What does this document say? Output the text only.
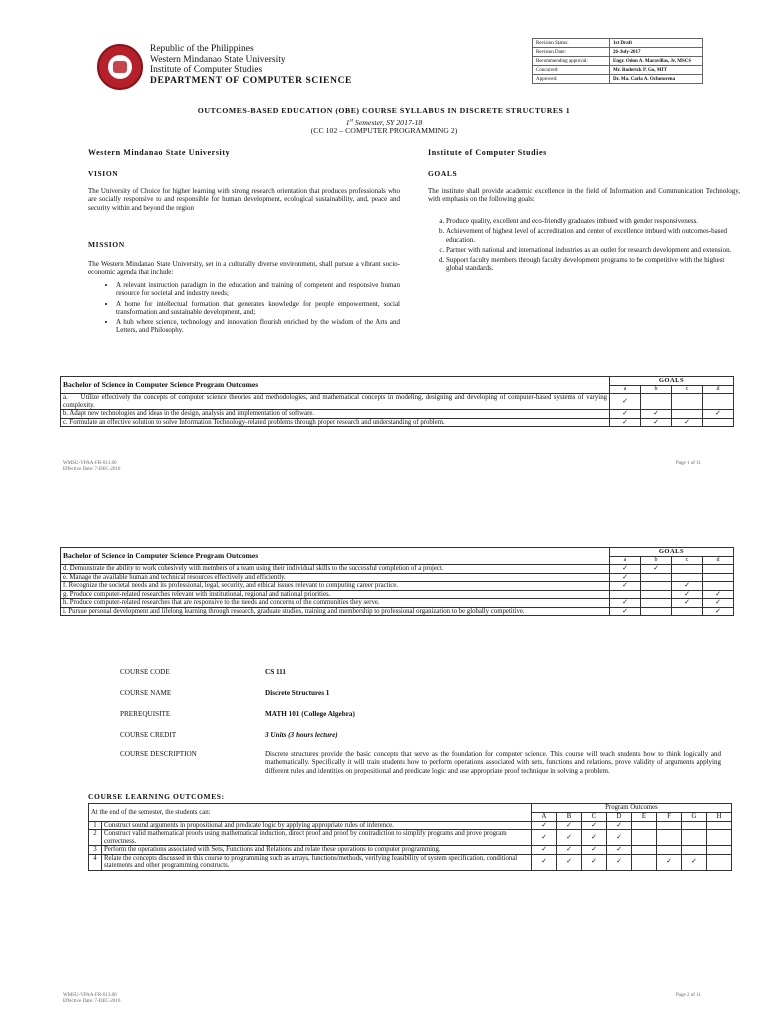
Republic of the Philippines
Western Mindanao State University
Institute of Computer Studies
DEPARTMENT OF COMPUTER SCIENCE
Revision Status:	1st Draft
Revision Date:	26-July-2017
Recommending approval:	Engr. Odon A. Maravillas, Jr. MSCS
Concurred:	Mr. Roderick P. Go, MIT
Approved:	Dr. Ma. Carla A. Ochotorena
OUTCOMES-BASED EDUCATION (OBE) COURSE SYLLABUS IN DISCRETE STRUCTURES 1
1st Semester, SY 2017-18
(CC 102 – COMPUTER PROGRAMMING 2)
Western Mindanao State University
VISION
The University of Choice for higher learning with strong research orientation that produces professionals who are socially responsive to and responsible for human development, ecological sustainability, and, peace and security within and beyond the region
MISSION
The Western Mindanao State University, set in a culturally diverse environment, shall pursue a vibrant socio-economic agenda that include:
• A relevant instruction paradigm in the education and training of competent and responsive human resource for societal and industry needs;
• A home for intellectual formation that generates knowledge for people empowerment, social transformation and sustainable development, and;
• A hub where science, technology and innovation flourish enriched by the wisdom of the Arts and Letters, and Philosophy.
Institute of Computer Studies
GOALS
The institute shall provide academic excellence in the field of Information and Communication Technology, with emphasis on the following goals:
a. Produce quality, excellent and eco-friendly graduates imbued with gender responsiveness.
b. Achievement of highest level of accreditation and center of excellence imbued with outcomes-based education.
c. Partner with national and international industries as an outlet for research development and extension.
d. Support faculty members through faculty development programs to be competitive with the highest global standards.
Bachelor of Science in Computer Science Program Outcomes	GOALS			
	a	b	c	d
a.     Utilize effectively the concepts of computer science theories and methodologies, and mathematical concepts in modeling, designing and developing of computer-based systems of varying complexity.	✓			
b. Adapt new technologies and ideas in the design, analysis and implementation of software.	✓	✓		✓
c. Formulate an effective solution to solve Information Technology-related problems through proper research and understanding of problem.	✓	✓	✓	
WMSU-VPAA-FR-013.00
Effective Date: 7-DEC-2016
Page 1 of 11
Bachelor of Science in Computer Science Program Outcomes	GOALS			
	a	b	c	d
d. Demonstrate the ability to work cohesively with members of a team using their individual skills to the successful completion of a project.	✓	✓		
e. Manage the available human and technical resources effectively and efficiently.	✓			
f. Recognize the societal needs and its professional, legal, security, and ethical issues relevant to computing career practice.	✓		✓	
g. Produce computer-related researches relevant with institutional, regional and national priorities.			✓	✓
h. Produce computer-related researches that are responsive to the needs and concerns of the communities they serve.	✓		✓	✓
i. Pursue personal development and lifelong learning through research, graduate studies, training and membership to professional organization to be globally competitive.	✓			✓
COURSE CODE	CS 111
COURSE NAME	Discrete Structures 1
PREREQUISITE	MATH 101 (College Algebra)
COURSE CREDIT	3 Units (3 hours lecture)
COURSE DESCRIPTION	Discrete structures provide the basic concepts that serve as the foundation for computer science. This course will teach students how to think logically and mathematically. Specifically it will train students how to perform operations associated with sets, functions and relations, prove validity of arguments applying different rules and identities on propositional and predicate logic and use appropriate proof technique in solving a problem.
COURSE LEARNING OUTCOMES:
At the end of the semester, the students can:		Program Outcomes							
		A	B	C	D	E	F	G	H
1	Construct sound arguments in propositional and predicate logic by applying appropriate rules of inference.	✓	✓	✓	✓				
2	Construct valid mathematical proofs using mathematical induction, direct proof and proof by contradiction to simplify programs and prove program correctness.	✓	✓	✓	✓				
3	Perform the operations associated with Sets, Functions and Relations and relate these operations to computer programming.	✓	✓	✓	✓				
4	Relate the concepts discussed in this course to programming such as arrays, functions/methods, verifying feasibility of system specification, conditional statements and other programming constructs.	✓	✓	✓	✓		✓	✓	
WMSU-VPAA-FR-013.00
Effective Date: 7-DEC-2016
Page 2 of 11
